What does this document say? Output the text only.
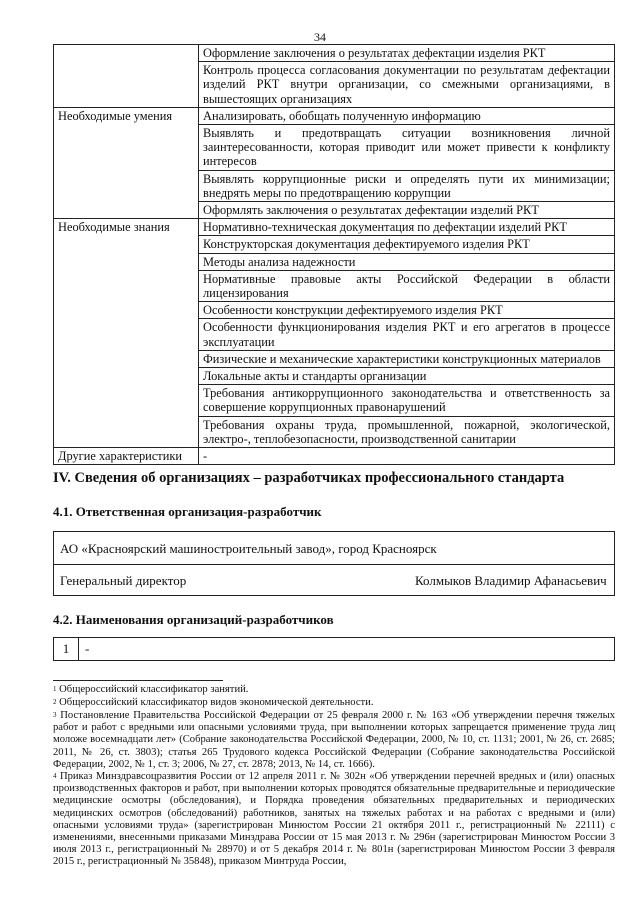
34
	Оформление заключения о результатах дефектации изделия РКТ
	Контроль процесса согласования документации по результатам дефектации изделий РКТ внутри организации, со смежными организациями, в вышестоящих организациях
Необходимые умения	Анализировать, обобщать полученную информацию
	Выявлять и предотвращать ситуации возникновения личной заинтересованности, которая приводит или может привести к конфликту интересов
	Выявлять коррупционные риски и определять пути их минимизации; внедрять меры по предотвращению коррупции
	Оформлять заключения о результатах дефектации изделий РКТ
Необходимые знания	Нормативно-техническая документация по дефектации изделий РКТ
	Конструкторская документация дефектируемого изделия РКТ
	Методы анализа надежности
	Нормативные правовые акты Российской Федерации в области лицензирования
	Особенности конструкции дефектируемого изделия РКТ
	Особенности функционирования изделия РКТ и его агрегатов в процессе эксплуатации
	Физические и механические характеристики конструкционных материалов
	Локальные акты и стандарты организации
	Требования антикоррупционного законодательства и ответственность за совершение коррупционных правонарушений
	Требования охраны труда, промышленной, пожарной, экологической, электро-, теплобезопасности, производственной санитарии
Другие характеристики	-
IV. Сведения об организациях – разработчиках профессионального стандарта
4.1. Ответственная организация-разработчик
АО «Красноярский машиностроительный завод», город Красноярск
Генеральный директор	Колмыков Владимир Афанасьевич
4.2. Наименования организаций-разработчиков
1	-
$^1$ Общероссийский классификатор занятий.
$^2$ Общероссийский классификатор видов экономической деятельности.
$^3$ Постановление Правительства Российской Федерации от 25 февраля 2000 г. № 163 «Об утверждении перечня тяжелых работ и работ с вредными или опасными условиями труда, при выполнении которых запрещается применение труда лиц моложе восемнадцати лет» (Собрание законодательства Российской Федерации, 2000, № 10, ст. 1131; 2001, № 26, ст. 2685; 2011, № 26, ст. 3803); статья 265 Трудового кодекса Российской Федерации (Собрание законодательства Российской Федерации, 2002, № 1, ст. 3; 2006, № 27, ст. 2878; 2013, № 14, ст. 1666).
$^4$ Приказ Минздравсоцразвития России от 12 апреля 2011 г. № 302н «Об утверждении перечней вредных и (или) опасных производственных факторов и работ, при выполнении которых проводятся обязательные предварительные и периодические медицинские осмотры (обследования), и Порядка проведения обязательных предварительных и периодических медицинских осмотров (обследований) работников, занятых на тяжелых работах и на работах с вредными и (или) опасными условиями труда» (зарегистрирован Минюстом России 21 октября 2011 г., регистрационный № 22111) с изменениями, внесенными приказами Минздрава России от 15 мая 2013 г. № 296н (зарегистрирован Минюстом России 3 июля 2013 г., регистрационный № 28970) и от 5 декабря 2014 г. № 801н (зарегистрирован Минюстом России 3 февраля 2015 г., регистрационный № 35848), приказом Минтруда России,
